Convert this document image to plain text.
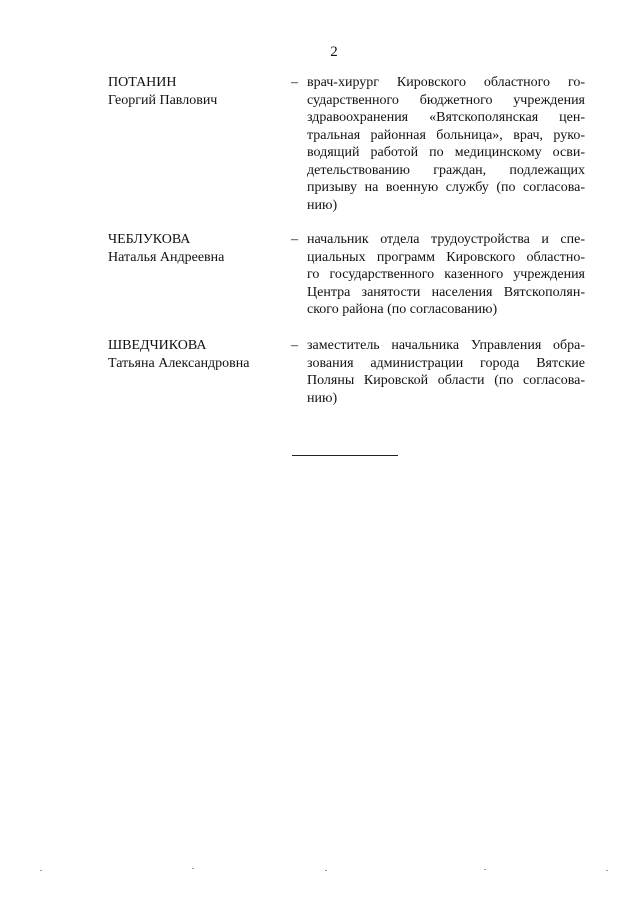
2
ПОТАНИН
Георгий Павлович
– врач-хирург Кировского областного го-
сударственного бюджетного учреждения
здравоохранения «Вятскополянская цен-
тральная районная больница», врач, руко-
водящий работой по медицинскому осви-
детельствованию граждан, подлежащих
призыву на военную службу (по согласова-
нию)
ЧЕБЛУКОВА
Наталья Андреевна
– начальник отдела трудоустройства и спе-
циальных программ Кировского областно-
го государственного казенного учреждения
Центра занятости населения Вятскополян-
ского района (по согласованию)
ШВЕДЧИКОВА
Татьяна Александровна
– заместитель начальника Управления обра-
зования администрации города Вятские
Поляны Кировской области (по согласова-
нию)
